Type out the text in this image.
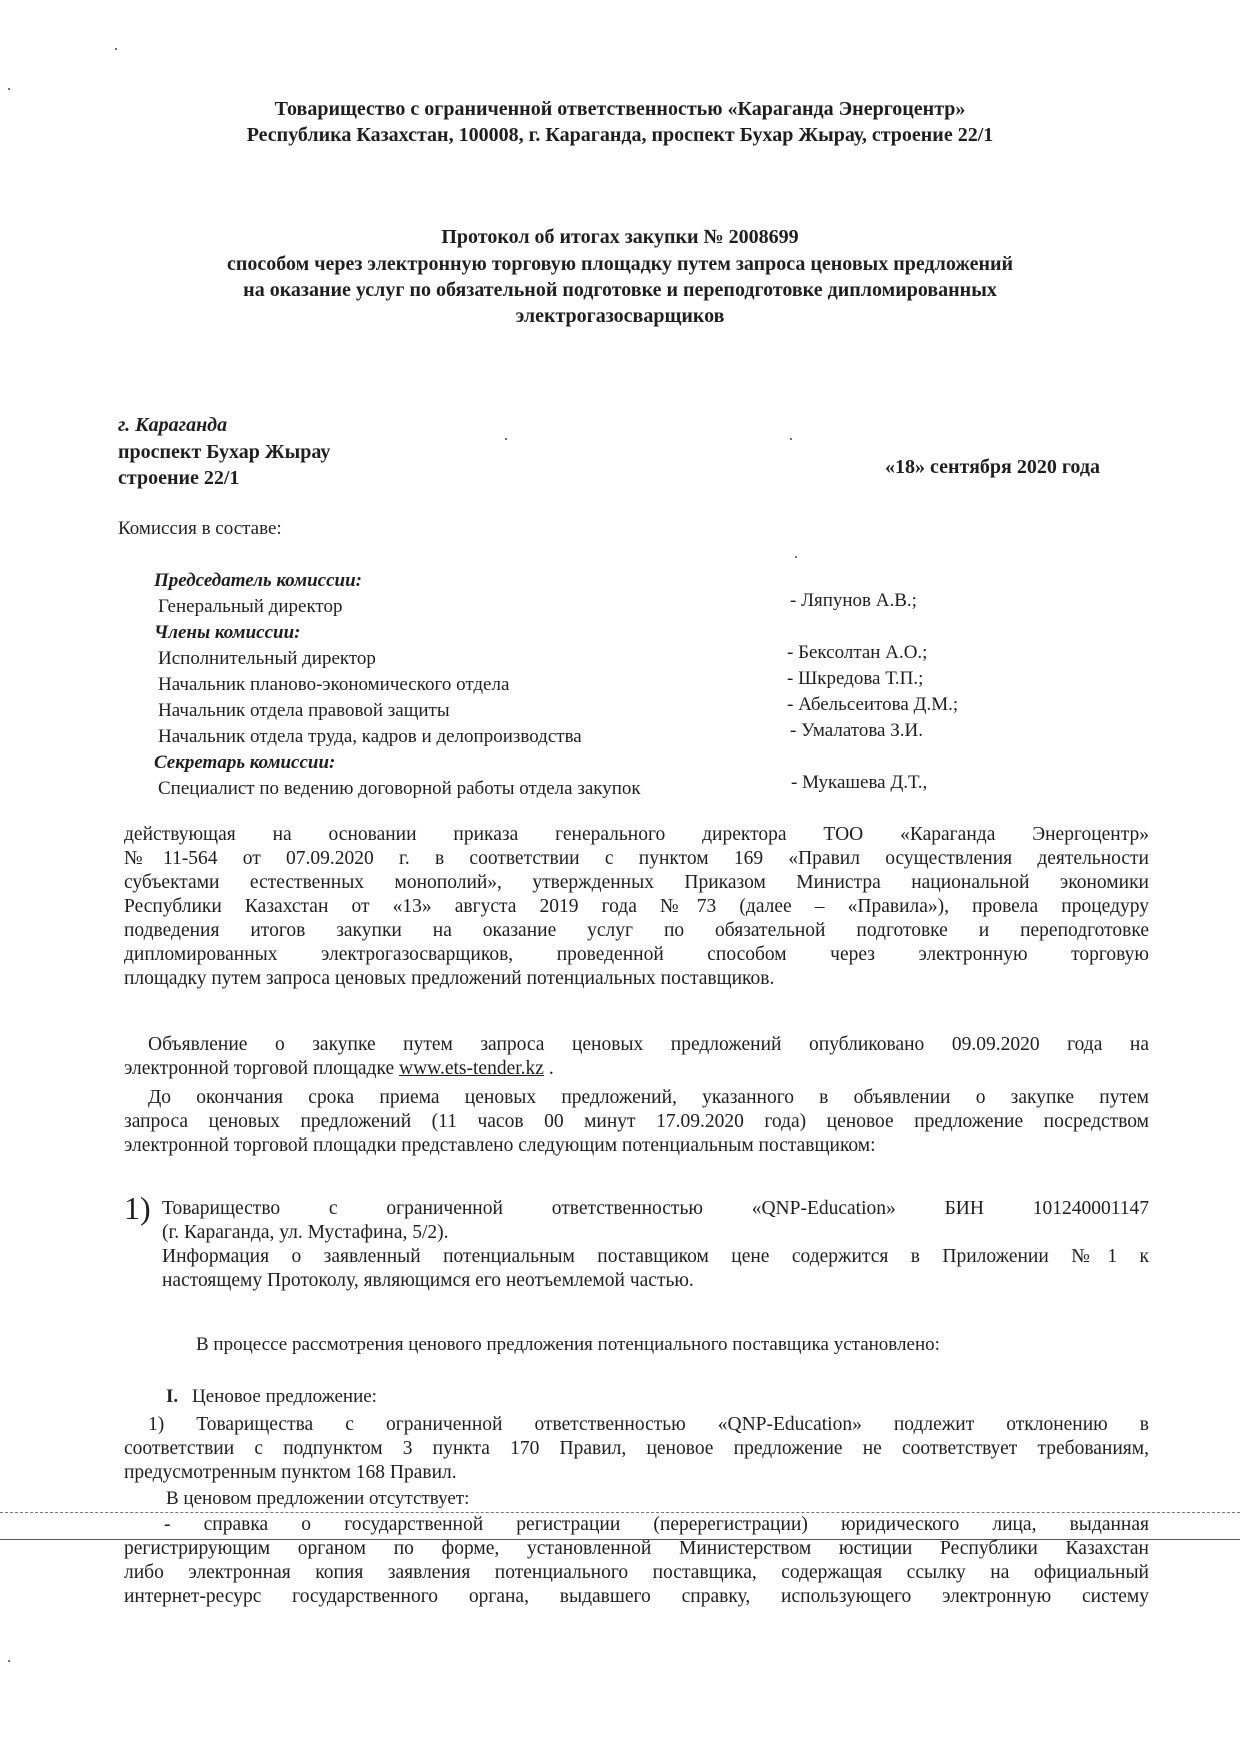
Товарищество с ограниченной ответственностью «Караганда Энергоцентр»
Республика Казахстан, 100008, г. Караганда, проспект Бухар Жырау, строение 22/1
Протокол об итогах закупки № 2008699
способом через электронную торговую площадку путем запроса ценовых предложений
на оказание услуг по обязательной подготовке и переподготовке дипломированных
электрогазосварщиков
г. Караганда
проспект Бухар Жырау
строение 22/1	«18» сентября 2020 года
Комиссия в составе:
Председатель комиссии:
Генеральный директор	- Ляпунов А.В.;
Члены комиссии:
Исполнительный директор	- Бексолтан А.О.;
Начальник планово-экономического отдела	- Шкредова Т.П.;
Начальник отдела правовой защиты	- Абельсеитова Д.М.;
Начальник отдела труда, кадров и делопроизводства	- Умалатова З.И.
Секретарь комиссии:
Специалист по ведению договорной работы отдела закупок	- Мукашева Д.Т.,
действующая на основании приказа генерального директора ТОО «Караганда Энергоцентр»
№11-564 от 07.09.2020 г. в соответствии с пунктом 169 «Правил осуществления деятельности
субъектами естественных монополий», утвержденных Приказом Министра национальной экономики
Республики Казахстан от «13» августа 2019 года №73 (далее – «Правила»), провела процедуру
подведения итогов закупки на оказание услуг по обязательной подготовке и переподготовке
дипломированных электрогазосварщиков, проведенной способом через электронную торговую
площадку путем запроса ценовых предложений потенциальных поставщиков.
Объявление о закупке путем запроса ценовых предложений опубликовано 09.09.2020 года на
электронной торговой площадке www.ets-tender.kz .
До окончания срока приема ценовых предложений, указанного в объявлении о закупке путем
запроса ценовых предложений (11 часов 00 минут 17.09.2020 года) ценовое предложение посредством
электронной торговой площадки представлено следующим потенциальным поставщиком:
1) Товарищество с ограниченной ответственностью «QNP-Education» БИН 101240001147
(г. Караганда, ул. Мустафина, 5/2).
Информация о заявленный потенциальным поставщиком цене содержится в Приложении №1 к
настоящему Протоколу, являющимся его неотъемлемой частью.
В процессе рассмотрения ценового предложения потенциального поставщика установлено:
I. Ценовое предложение:
1) Товарищества с ограниченной ответственностью «QNP-Education» подлежит отклонению в
соответствии с подпунктом 3 пункта 170 Правил, ценовое предложение не соответствует требованиям,
предусмотренным пунктом 168 Правил.
В ценовом предложении отсутствует:
- справка о государственной регистрации (перерегистрации) юридического лица, выданная
регистрирующим органом по форме, установленной Министерством юстиции Республики Казахстан
либо электронная копия заявления потенциального поставщика, содержащая ссылку на официальный
интернет-ресурс государственного органа, выдавшего справку, использующего электронную систему
